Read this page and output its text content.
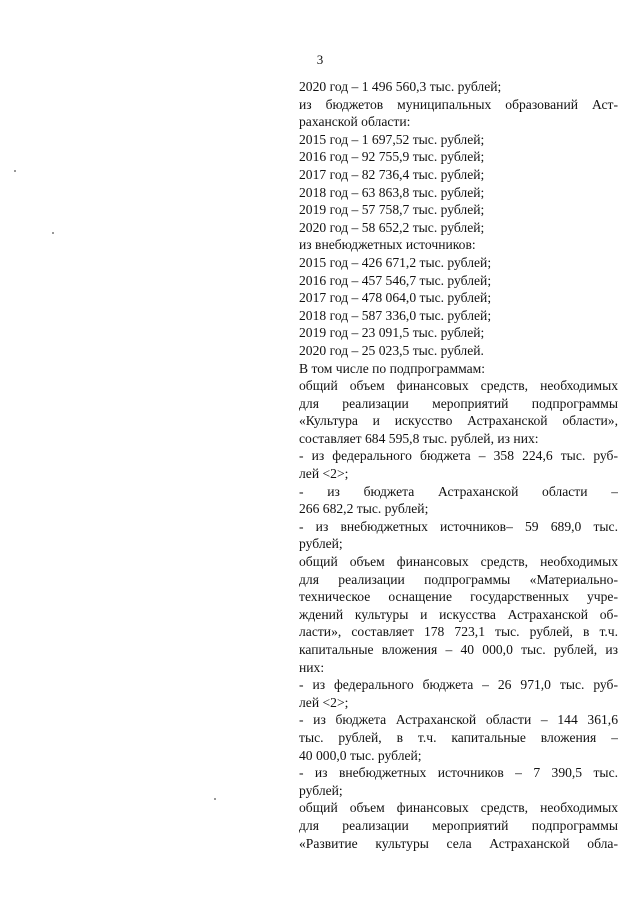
3
2020 год – 1 496 560,3 тыс. рублей;
из бюджетов муниципальных образований Аст-
раханской области:
2015 год – 1 697,52 тыс. рублей;
2016 год – 92 755,9 тыс. рублей;
2017 год – 82 736,4 тыс. рублей;
2018 год – 63 863,8 тыс. рублей;
2019 год – 57 758,7 тыс. рублей;
2020 год – 58 652,2 тыс. рублей;
из внебюджетных источников:
2015 год – 426 671,2 тыс. рублей;
2016 год – 457 546,7 тыс. рублей;
2017 год – 478 064,0 тыс. рублей;
2018 год – 587 336,0 тыс. рублей;
2019 год – 23 091,5 тыс. рублей;
2020 год – 25 023,5 тыс. рублей.
В том числе по подпрограммам:
общий объем финансовых средств, необходимых
для реализации мероприятий подпрограммы
«Культура и искусство Астраханской области»,
составляет 684 595,8 тыс. рублей, из них:
- из федерального бюджета – 358 224,6 тыс. руб-
лей <2>;
- из бюджета Астраханской области –
266 682,2 тыс. рублей;
- из внебюджетных источников– 59 689,0 тыс.
рублей;
общий объем финансовых средств, необходимых
для реализации подпрограммы «Материально-
техническое оснащение государственных учре-
ждений культуры и искусства Астраханской об-
ласти», составляет 178 723,1 тыс. рублей, в т.ч.
капитальные вложения – 40 000,0 тыс. рублей, из
них:
- из федерального бюджета – 26 971,0 тыс. руб-
лей <2>;
- из бюджета Астраханской области – 144 361,6
тыс. рублей, в т.ч. капитальные вложения –
40 000,0 тыс. рублей;
- из внебюджетных источников – 7 390,5 тыс.
рублей;
общий объем финансовых средств, необходимых
для реализации мероприятий подпрограммы
«Развитие культуры села Астраханской обла-
